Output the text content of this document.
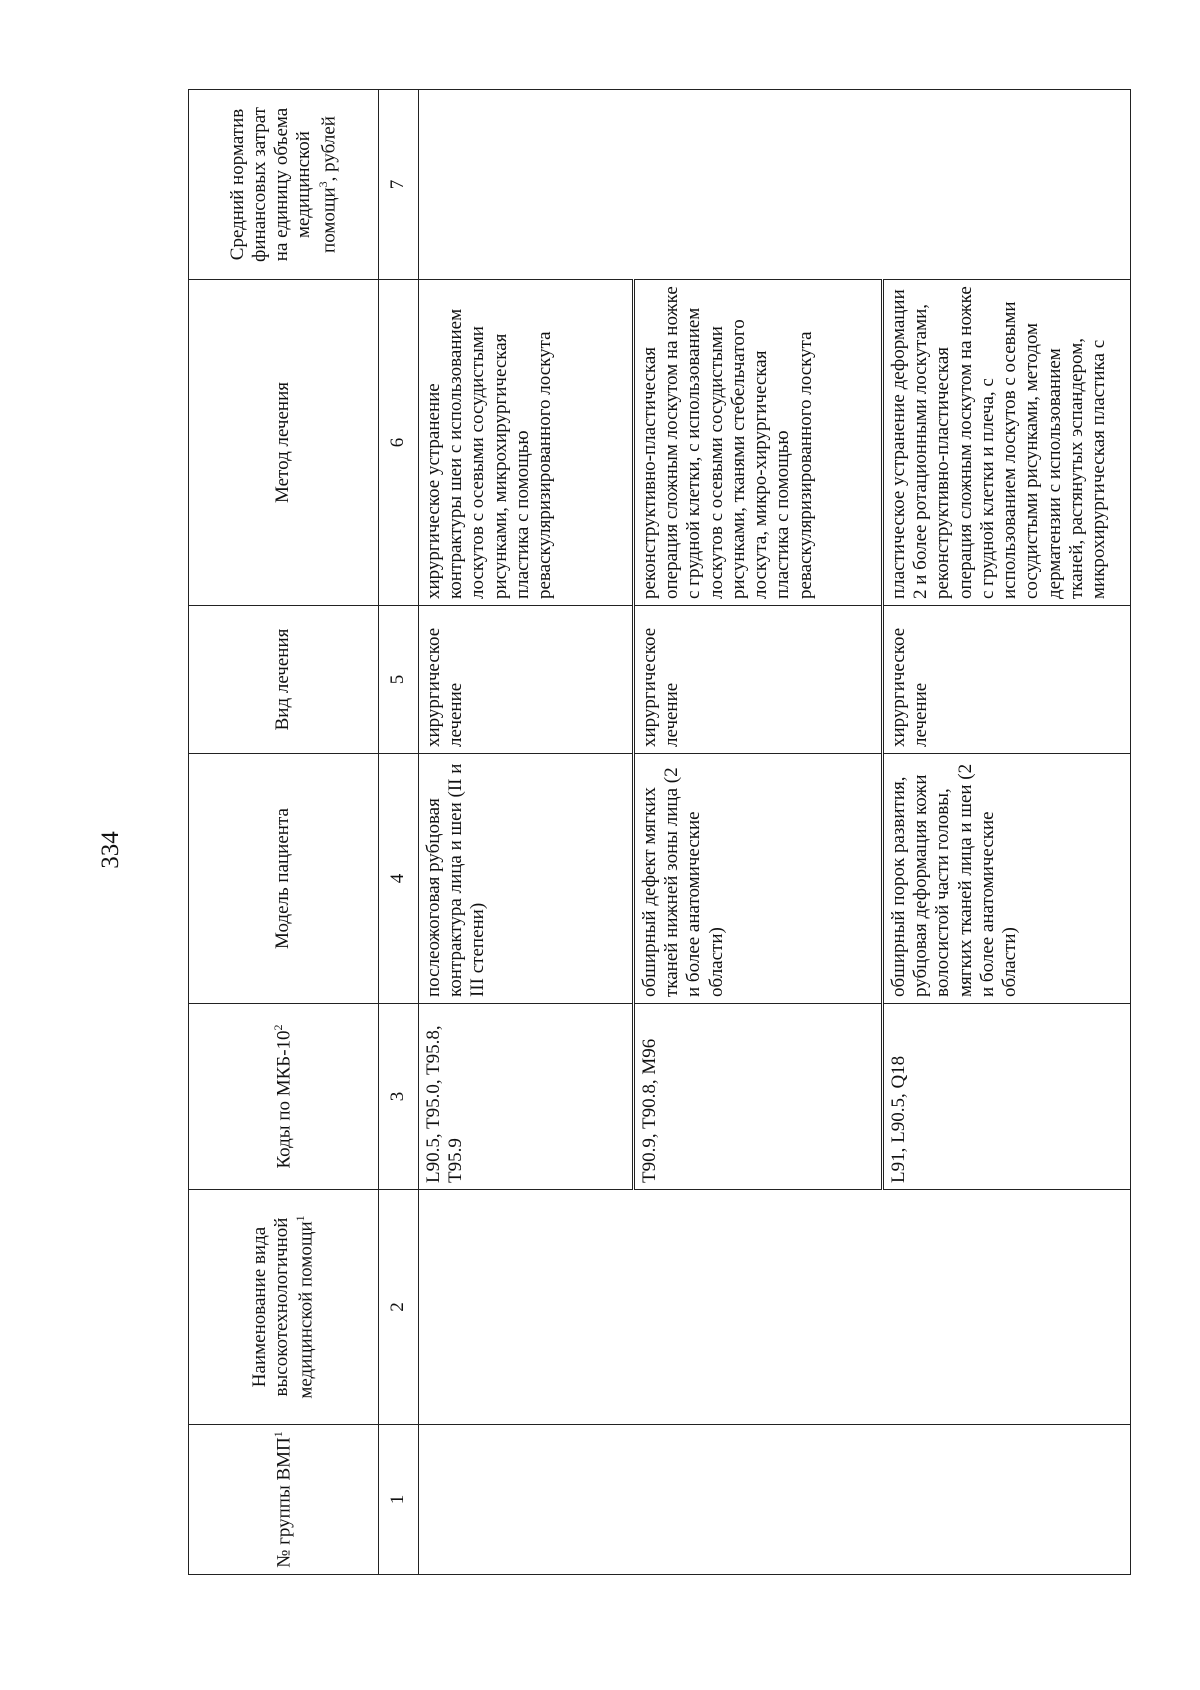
334
№ группы ВМП$^1$	Наименование вида высокотехнологичной медицинской помощи$^1$	Коды по МКБ-$10^2$	Модель пациента	Вид лечения	Метод лечения	Средний норматив финансовых затрат на единицу объема медицинской помощи$^3$, рублей
1	2	3	4	5	6	7
		L90.5, T95.0, T95.8, T95.9	послеожоговая рубцовая контрактура лица и шеи (II и III степени)	хирургическое лечение	хирургическое устранение контрактуры шеи с использованием лоскутов с осевыми сосудистыми рисунками, микрохирургическая пластика с помощью реваскуляризированного лоскута	
		T90.9, T90.8, M96	обширный дефект мягких тканей нижней зоны лица (2 и более анатомические области)	хирургическое лечение	реконструктивно-пластическая операция сложным лоскутом на ножке с грудной клетки, с использованием лоскутов с осевыми сосудистыми рисунками, тканями стебельчатого лоскута, микро-хирургическая пластика с помощью реваскуляризированного лоскута	
		L91, L90.5, Q18	обширный порок развития, рубцовая деформация кожи волосистой части головы, мягких тканей лица и шеи (2 и более анатомические области)	хирургическое лечение	пластическое устранение деформации
2 и более ротационными лоскутами, реконструктивно-пластическая операция сложным лоскутом на ножке с грудной клетки и плеча, с использованием лоскутов с осевыми сосудистыми рисунками, методом дерматензии с использованием тканей, растянутых эспандером, микрохирургическая пластика с	
